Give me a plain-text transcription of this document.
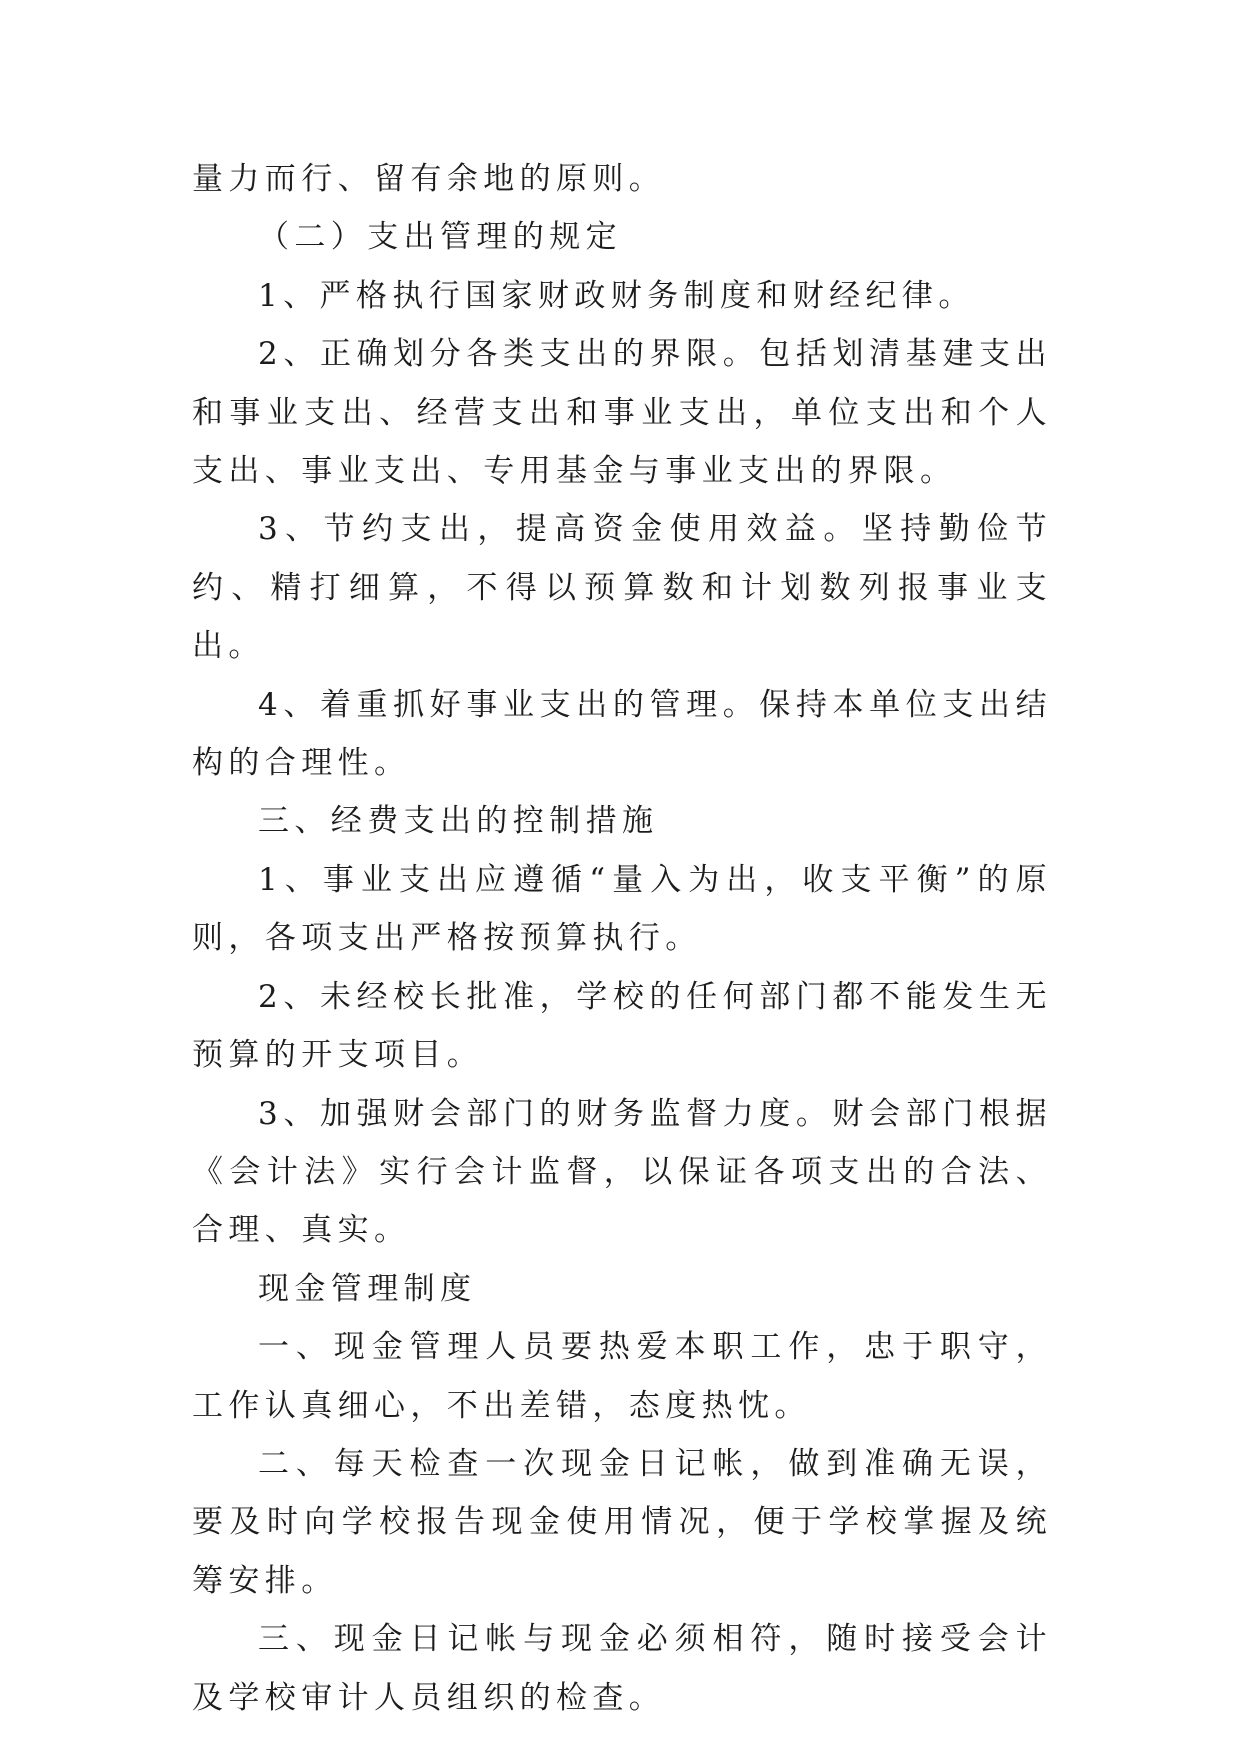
量力而行、留有余地的原则。

（二）支出管理的规定

1、严格执行国家财政财务制度和财经纪律。

2、正确划分各类支出的界限。包括划清基建支出和事业支出、经营支出和事业支出，单位支出和个人支出、事业支出、专用基金与事业支出的界限。

3、节约支出，提高资金使用效益。坚持勤俭节约、精打细算，不得以预算数和计划数列报事业支出。

4、着重抓好事业支出的管理。保持本单位支出结构的合理性。

三、经费支出的控制措施

1、事业支出应遵循“量入为出，收支平衡”的原则，各项支出严格按预算执行。

2、未经校长批准，学校的任何部门都不能发生无预算的开支项目。

3、加强财会部门的财务监督力度。财会部门根据《会计法》实行会计监督，以保证各项支出的合法、合理、真实。

现金管理制度

一、现金管理人员要热爱本职工作，忠于职守，工作认真细心，不出差错，态度热忱。

二、每天检查一次现金日记帐，做到准确无误，要及时向学校报告现金使用情况，便于学校掌握及统筹安排。

三、现金日记帐与现金必须相符，随时接受会计及学校审计人员组织的检查。
